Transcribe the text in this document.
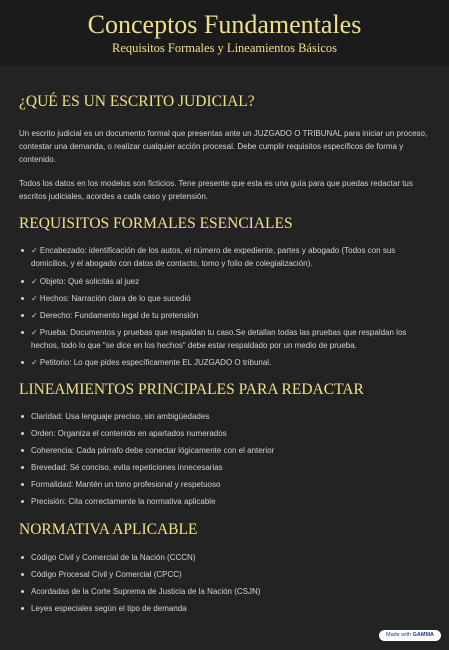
Conceptos Fundamentales
Requisitos Formales y Lineamientos Básicos
¿QUÉ ES UN ESCRITO JUDICIAL?

Un escrito judicial es un documento formal que presentas ante un JUZGADO O TRIBUNAL para iniciar un proceso, contestar una demanda, o realizar cualquier acción procesal. Debe cumplir requisitos específicos de forma y contenido.

Todos los datos en los modelos son ficticios. Tene presente que esta es una guía para que puedas redactar tus escritos judiciales, acordes a cada caso y pretensión.

REQUISITOS FORMALES ESENCIALES
✓ Encabezado: identificación de los autos, el número de expediente, partes y abogado (Todos con sus domicilios, y el abogado con datos de contacto, tomo y folio de colegialización).
✓ Objeto: Qué solicitás al juez
✓ Hechos: Narración clara de lo que sucedió
✓ Derecho: Fundamento legal de tu pretensión
✓ Prueba: Documentos y pruebas que respaldan tu caso.Se detallan todas las pruebas que respaldan los hechos, todo lo que "se dice en los hechos" debe estar respaldado por un medio de prueba.
✓ Petitorio: Lo que pides específicamente EL JUZGADO O tribunal.
LINEAMIENTOS PRINCIPALES PARA REDACTAR
Claridad: Usa lenguaje preciso, sin ambigüedades
Orden: Organiza el contenido en apartados numerados
Coherencia: Cada párrafo debe conectar lógicamente con el anterior
Brevedad: Sé conciso, evita repeticiones innecesarias
Formalidad: Mantén un tono profesional y respetuoso
Precisión: Cita correctamente la normativa aplicable
NORMATIVA APLICABLE
Código Civil y Comercial de la Nación (CCCN)
Código Procesal Civil y Comercial (CPCC)
Acordadas de la Corte Suprema de Justicia de la Nación (CSJN)
Leyes especiales según el tipo de demanda
Made with GAMMA
